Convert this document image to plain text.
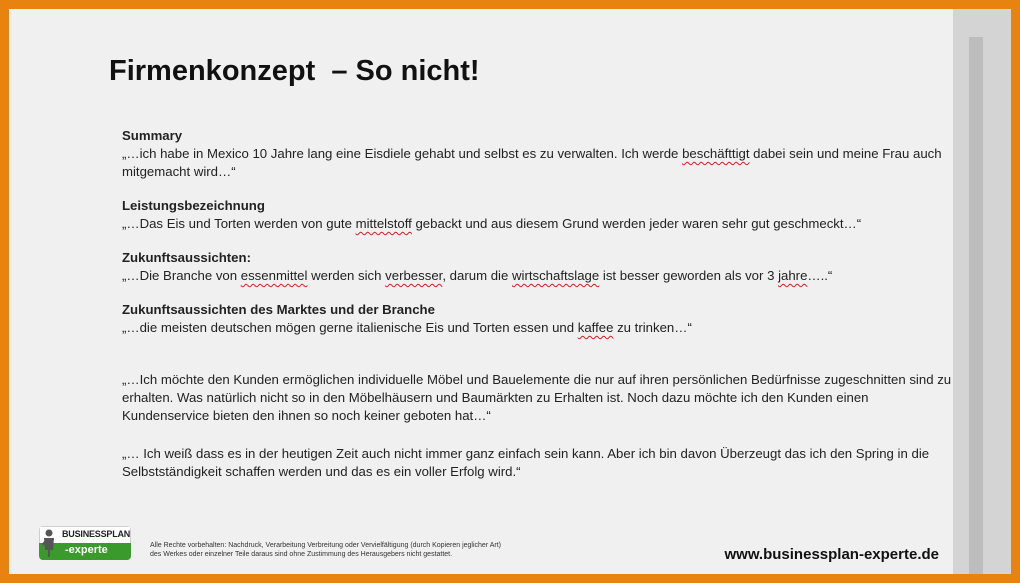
Firmenkonzept  – So nicht!
Summary
„…ich habe in Mexico 10 Jahre lang eine Eisdiele gehabt und selbst es zu verwalten. Ich werde beschäfttigt dabei sein und meine Frau auch mitgemacht wird…“
Leistungsbezeichnung
„…Das Eis und Torten werden von gute mittelstoff gebackt und aus diesem Grund werden jeder waren sehr gut geschmeckt…“
Zukunftsaussichten:
„…Die Branche von essenmittel werden sich verbesser, darum die wirtschaftslage ist besser geworden als vor 3 jahre…..“
Zukunftsaussichten des Marktes und der Branche
„…die meisten deutschen mögen gerne italienische Eis und Torten essen und kaffee zu trinken…“
„…Ich möchte den Kunden ermöglichen individuelle Möbel und Bauelemente die nur auf ihren persönlichen Bedürfnisse zugeschnitten sind zu erhalten. Was natürlich nicht so in den Möbelhäusern und Baumärkten zu Erhalten ist. Noch dazu möchte ich den Kunden einen Kundenservice bieten den ihnen so noch keiner geboten hat…“
„… Ich weiß dass es in der heutigen Zeit auch nicht immer ganz einfach sein kann. Aber ich bin davon Überzeugt das ich den Spring in die Selbstständigkeit schaffen werden und das es ein voller Erfolg wird.“
BUSINESSPLAN
-experte	Alle Rechte vorbehalten: Nachdruck, Verarbeitung Verbreitung oder Vervielfältigung (durch Kopieren jeglicher Art)
des Werkes oder einzelner Teile daraus sind ohne Zustimmung des Herausgebers nicht gestattet.	www.businessplan-experte.de
